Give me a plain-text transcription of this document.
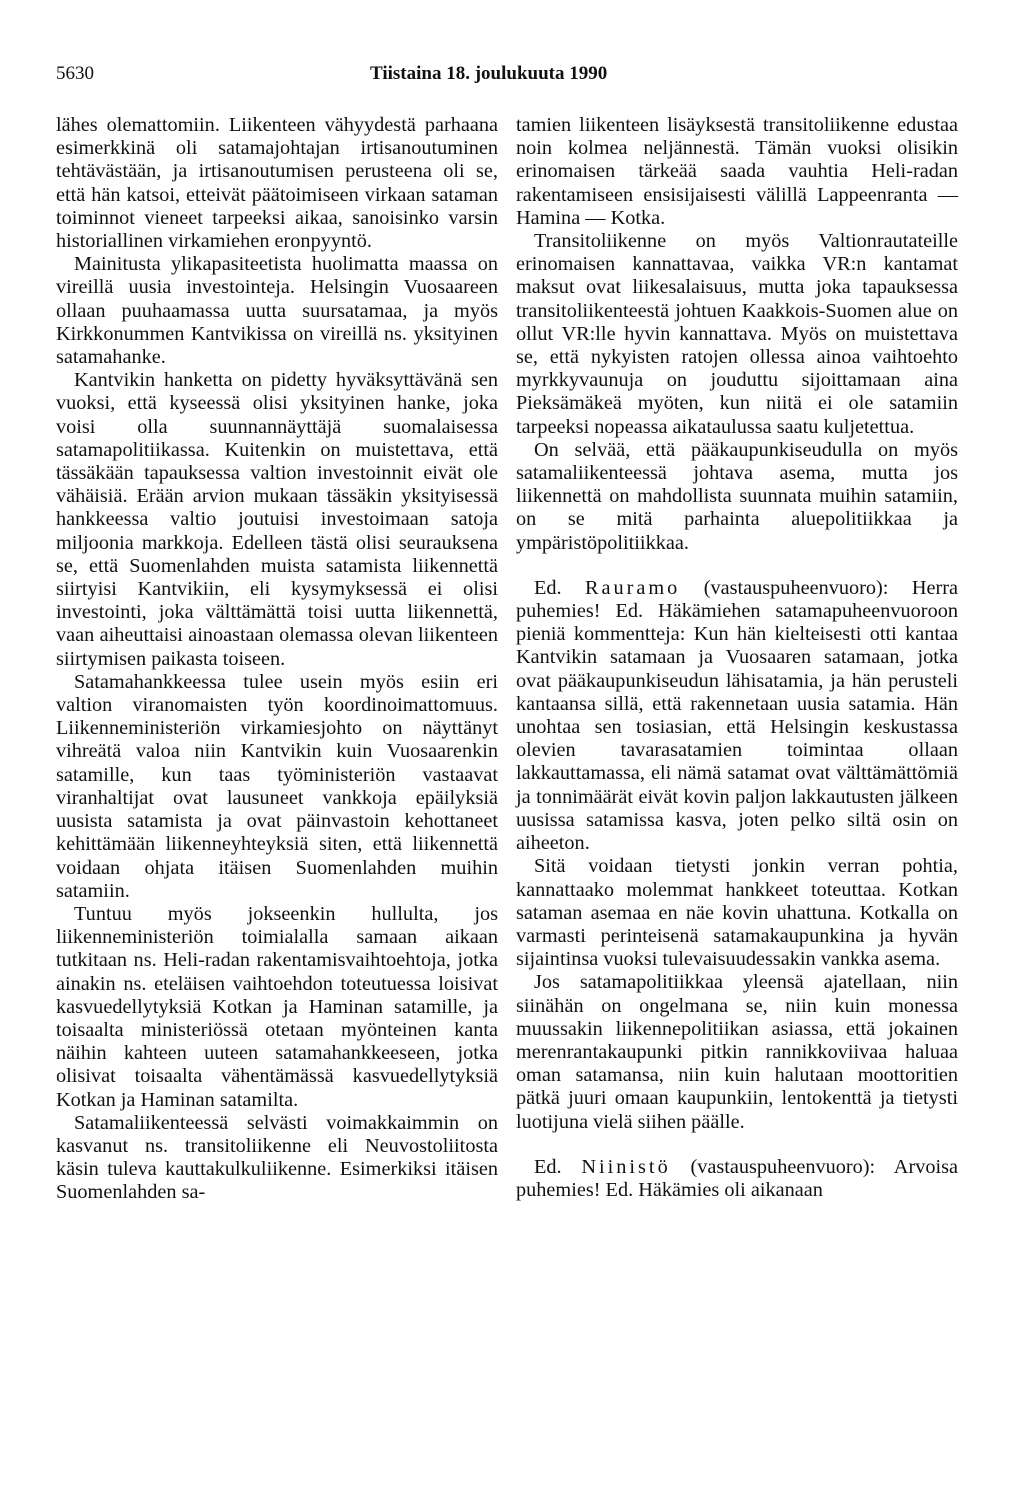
5630	Tiistaina 18. joulukuuta 1990

lähes olemattomiin. Liikenteen vähyydestä parhaana esimerkkinä oli satamajohtajan irtisanoutuminen tehtävästään, ja irtisanoutumisen perusteena oli se, että hän katsoi, etteivät päätoimiseen virkaan sataman toiminnot vieneet tarpeeksi aikaa, sanoisinko varsin historiallinen virkamiehen eronpyyntö.

Mainitusta ylikapasiteetista huolimatta maassa on vireillä uusia investointeja. Helsingin Vuosaareen ollaan puuhaamassa uutta suursatamaa, ja myös Kirkkonummen Kantvikissa on vireillä ns. yksityinen satamahanke.

Kantvikin hanketta on pidetty hyväksyttävänä sen vuoksi, että kyseessä olisi yksityinen hanke, joka voisi olla suunnannäyttäjä suomalaisessa satamapolitiikassa. Kuitenkin on muistettava, että tässäkään tapauksessa valtion investoinnit eivät ole vähäisiä. Erään arvion mukaan tässäkin yksityisessä hankkeessa valtio joutuisi investoimaan satoja miljoonia markkoja. Edelleen tästä olisi seurauksena se, että Suomenlahden muista satamista liikennettä siirtyisi Kantvikiin, eli kysymyksessä ei olisi investointi, joka välttämättä toisi uutta liikennettä, vaan aiheuttaisi ainoastaan olemassa olevan liikenteen siirtymisen paikasta toiseen.

Satamahankkeessa tulee usein myös esiin eri valtion viranomaisten työn koordinoimattomuus. Liikenneministeriön virkamiesjohto on näyttänyt vihreätä valoa niin Kantvikin kuin Vuosaarenkin satamille, kun taas työministeriön vastaavat viranhaltijat ovat lausuneet vankkoja epäilyksiä uusista satamista ja ovat päinvastoin kehottaneet kehittämään liikenneyhteyksiä siten, että liikennettä voidaan ohjata itäisen Suomenlahden muihin satamiin.

Tuntuu myös jokseenkin hullulta, jos liikenneministeriön toimialalla samaan aikaan tutkitaan ns. Heli-radan rakentamisvaihtoehtoja, jotka ainakin ns. eteläisen vaihtoehdon toteutuessa loisivat kasvuedellytyksiä Kotkan ja Haminan satamille, ja toisaalta ministeriössä otetaan myönteinen kanta näihin kahteen uuteen satamahankkeeseen, jotka olisivat toisaalta vähentämässä kasvuedellytyksiä Kotkan ja Haminan satamilta.

Satamaliikenteessä selvästi voimakkaimmin on kasvanut ns. transitoliikenne eli Neuvostoliitosta käsin tuleva kauttakulkuliikenne. Esimerkiksi itäisen Suomenlahden sa-

tamien liikenteen lisäyksestä transitoliikenne edustaa noin kolmea neljännestä. Tämän vuoksi olisikin erinomaisen tärkeää saada vauhtia Heli-radan rakentamiseen ensisijaisesti välillä Lappeenranta — Hamina — Kotka.

Transitoliikenne on myös Valtionrautateille erinomaisen kannattavaa, vaikka VR:n kantamat maksut ovat liikesalaisuus, mutta joka tapauksessa transitoliikenteestä johtuen Kaakkois-Suomen alue on ollut VR:lle hyvin kannattava. Myös on muistettava se, että nykyisten ratojen ollessa ainoa vaihtoehto myrkkyvaunuja on jouduttu sijoittamaan aina Pieksämäkeä myöten, kun niitä ei ole satamiin tarpeeksi nopeassa aikataulussa saatu kuljetettua.

On selvää, että pääkaupunkiseudulla on myös satamaliikenteessä johtava asema, mutta jos liikennettä on mahdollista suunnata muihin satamiin, on se mitä parhainta aluepolitiikkaa ja ympäristöpolitiikkaa.

Ed. Rauramo (vastauspuheenvuoro): Herra puhemies! Ed. Häkämiehen satamapuheenvuoroon pieniä kommentteja: Kun hän kielteisesti otti kantaa Kantvikin satamaan ja Vuosaaren satamaan, jotka ovat pääkaupunkiseudun lähisatamia, ja hän perusteli kantaansa sillä, että rakennetaan uusia satamia. Hän unohtaa sen tosiasian, että Helsingin keskustassa olevien tavarasatamien toimintaa ollaan lakkauttamassa, eli nämä satamat ovat välttämättömiä ja tonnimäärät eivät kovin paljon lakkautusten jälkeen uusissa satamissa kasva, joten pelko siltä osin on aiheeton.

Sitä voidaan tietysti jonkin verran pohtia, kannattaako molemmat hankkeet toteuttaa. Kotkan sataman asemaa en näe kovin uhattuna. Kotkalla on varmasti perinteisenä satamakaupunkina ja hyvän sijaintinsa vuoksi tulevaisuudessakin vankka asema.

Jos satamapolitiikkaa yleensä ajatellaan, niin siinähän on ongelmana se, niin kuin monessa muussakin liikennepolitiikan asiassa, että jokainen merenrantakaupunki pitkin rannikkoviivaa haluaa oman satamansa, niin kuin halutaan moottoritien pätkä juuri omaan kaupunkiin, lentokenttä ja tietysti luotijuna vielä siihen päälle.

Ed. Niinistö (vastauspuheenvuoro): Arvoisa puhemies! Ed. Häkämies oli aikanaan
